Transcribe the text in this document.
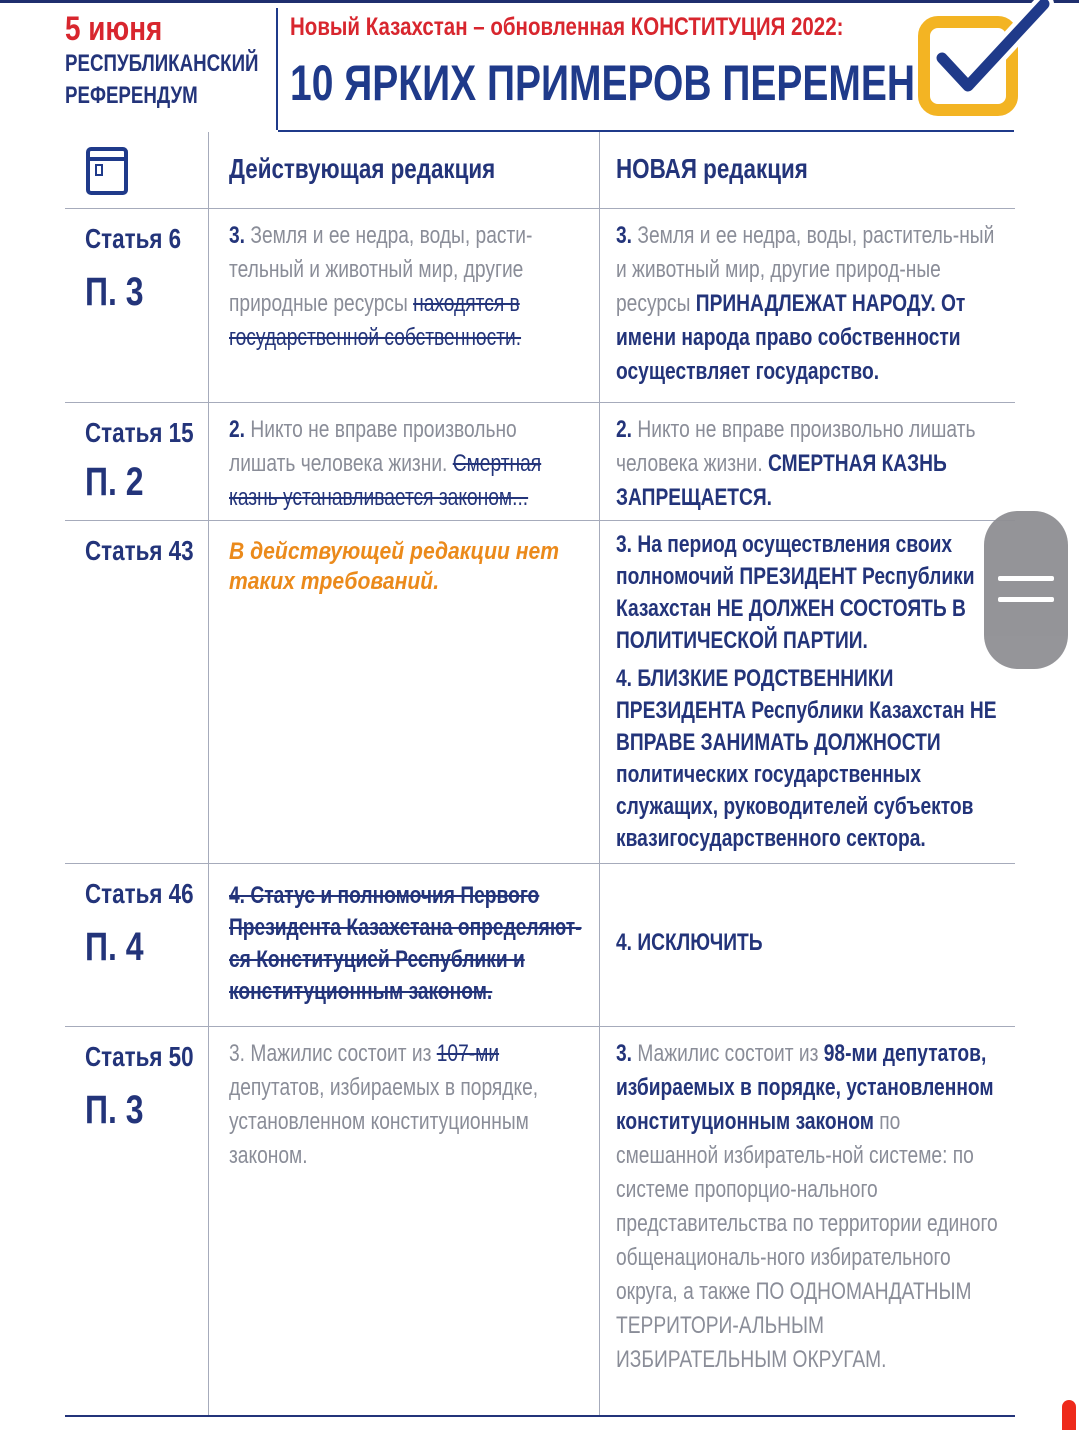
5 июня
РЕСПУБЛИКАНСКИЙ
РЕФЕРЕНДУМ
Новый Казахстан – обновленная КОНСТИТУЦИЯ 2022:
10 ЯРКИХ ПРИМЕРОВ ПЕРЕМЕН
Действующая редакция	НОВАЯ редакция
Статья 6
П. 3
3. Земля и ее недра, воды, расти-тельный и животный мир, другие природные ресурсы находятся в государственной собственности.
3. Земля и ее недра, воды, раститель-ный и животный мир, другие природ-ные ресурсы ПРИНАДЛЕЖАТ НАРОДУ. От имени народа право собственности осуществляет государство.
Статья 15
П. 2
2. Никто не вправе произвольно лишать человека жизни. Смертная казнь устанавливается законом...
2. Никто не вправе произвольно лишать человека жизни. СМЕРТНАЯ КАЗНЬ ЗАПРЕЩАЕТСЯ.
Статья 43 В действующей редакции нет таких требований.
3. На период осуществления своих полномочий ПРЕЗИДЕНТ Республики Казахстан НЕ ДОЛЖЕН СОСТОЯТЬ В ПОЛИТИЧЕСКОЙ ПАРТИИ.
4. БЛИЗКИЕ РОДСТВЕННИКИ ПРЕЗИДЕНТА Республики Казахстан НЕ ВПРАВЕ ЗАНИМАТЬ ДОЛЖНОСТИ политических государственных служащих, руководителей субъектов квазигосударственного сектора.
Статья 46
П. 4
4. Статус и полномочия Первого Президента Казахстана определяют-ся Конституцией Республики и конституционным законом.
4. ИСКЛЮЧИТЬ
Статья 50
П. 3
3. Мажилис состоит из 107-ми депутатов, избираемых в порядке, установленном конституционным законом.
3. Мажилис состоит из 98-ми депутатов, избираемых в порядке, установленном конституционным законом по смешанной избиратель-ной системе: по системе пропорцио-нального представительства по территории единого общенациональ-ного избирательного округа, а также ПО ОДНОМАНДАТНЫМ ТЕРРИТОРИ-АЛЬНЫМ ИЗБИРАТЕЛЬНЫМ ОКРУГАМ.
